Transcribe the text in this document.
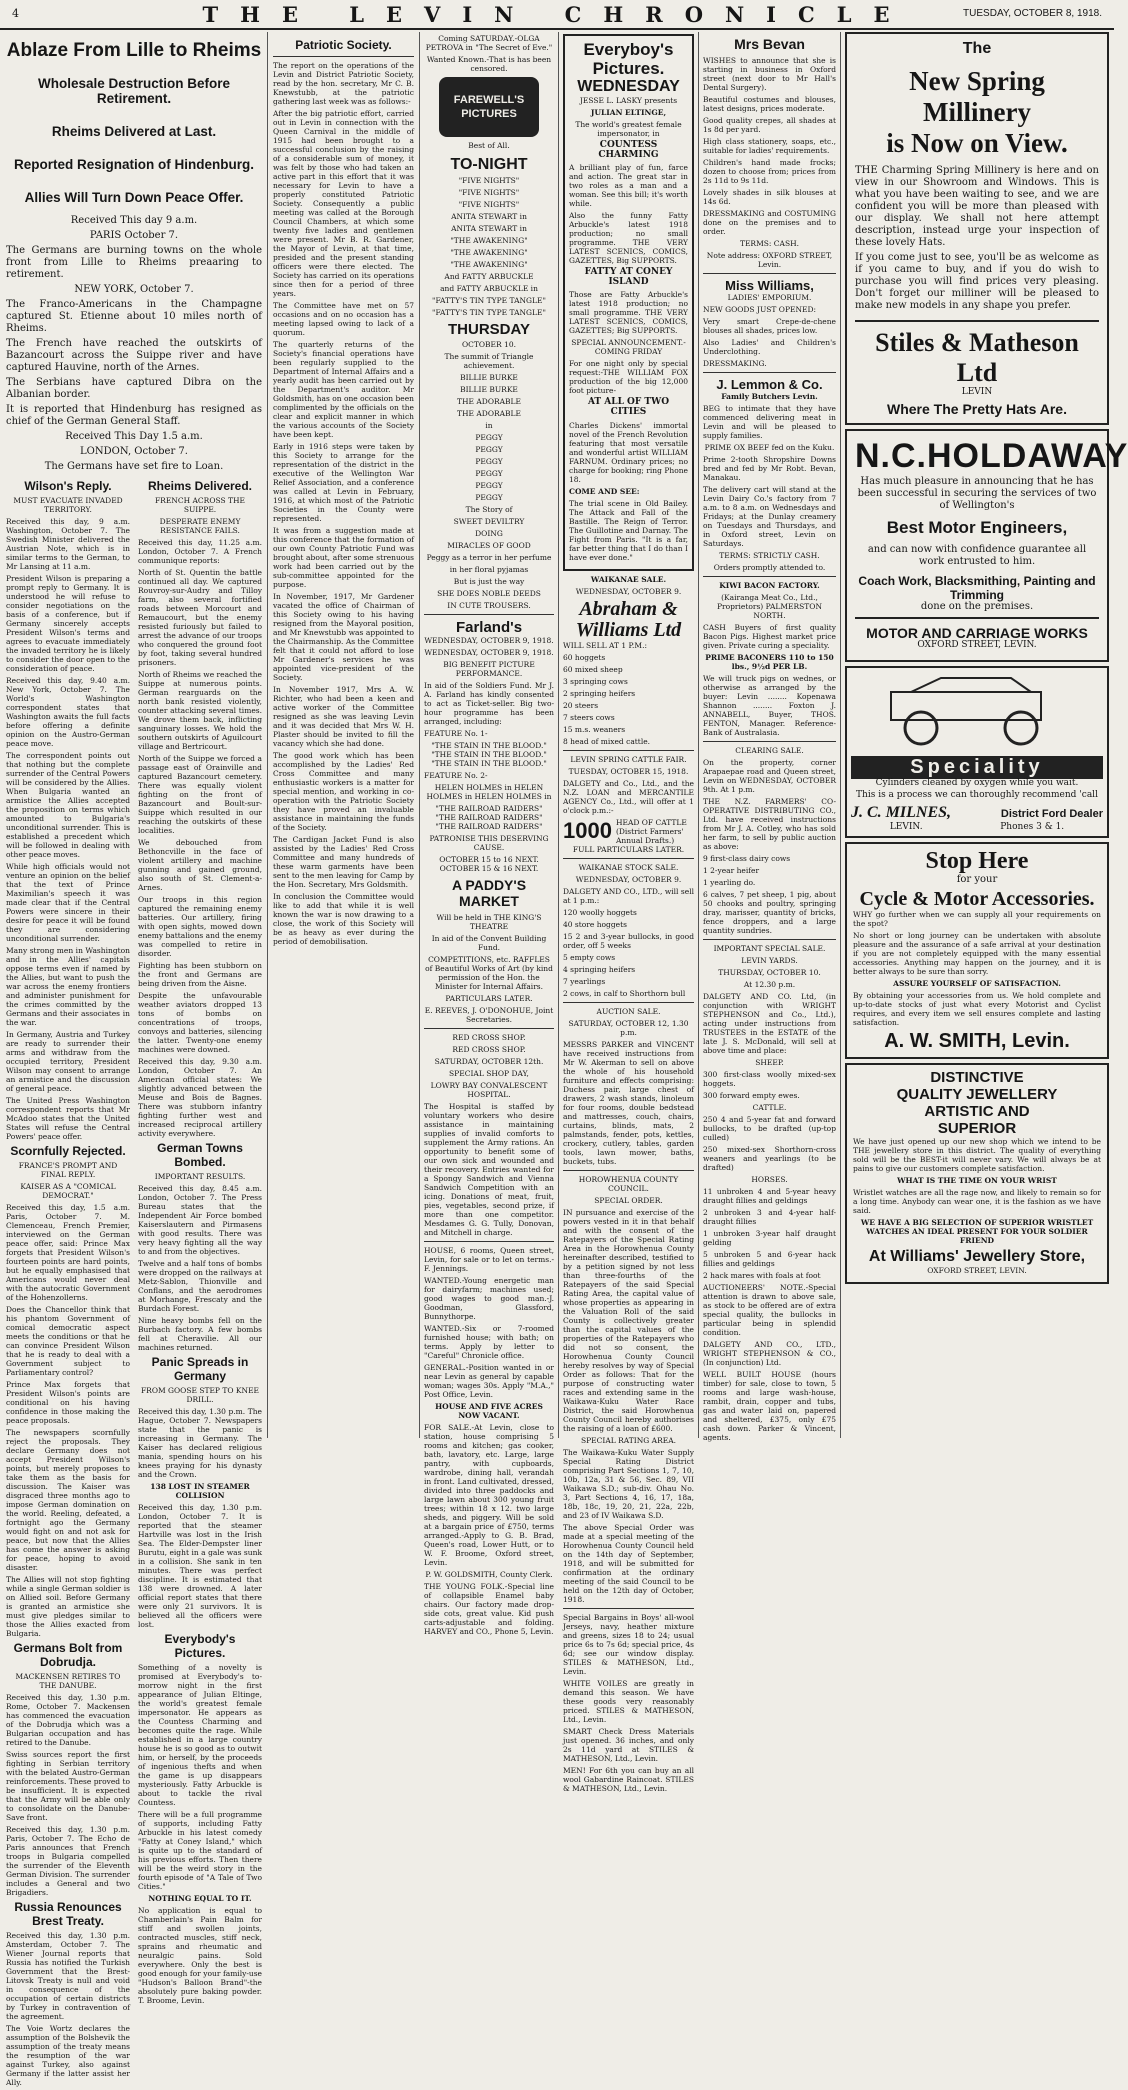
4	THE LEVIN CHRONICLE	TUESDAY, OCTOBER 8, 1918.
Ablaze From Lille to Rheims
Wholesale Destruction Before Retirement.
Rheims Delivered at Last.
Reported Resignation of Hindenburg.
Allies Will Turn Down Peace Offer.

Received This day 9 a.m.

PARIS October 7.

The Germans are burning towns on the whole front from Lille to Rheims preaaring to retirement.

NEW YORK, October 7.

The Franco-Americans in the Champagne captured St. Etienne about 10 miles north of Rheims.

The French have reached the outskirts of Bazancourt across the Suippe river and have captured Hauvine, north of the Arnes.

The Serbians have captured Dibra on the Albanian border.

It is reported that Hindenburg has resigned as chief of the German General Staff.

Received This Day 1.5 a.m.

LONDON, October 7.

The Germans have set fire to Loan.

Wilson's Reply.

MUST EVACUATE INVADED TERRITORY.

Received this day, 9 a.m. Washington, October 7. The Swedish Minister delivered the Austrian Note, which is in similar terms to the German, to Mr Lansing at 11 a.m.

President Wilson is preparing a prompt reply to Germany. It is understood he will refuse to consider negotiations on the basis of a conference, but if Germany sincerely accepts President Wilson's terms and agrees to evacuate immediately the invaded territory he is likely to consider the door open to the consideration of peace.

Received this day, 9.40 a.m. New York, October 7. The World's Washington correspondent states that Washington awaits the full facts before offering a definite opinion on the Austro-German peace move.

The correspondent points out that nothing but the complete surrender of the Central Powers will be considered by the Allies. When Bulgaria wanted an armistice the Allies accepted the proposition on terms which amounted to Bulgaria's unconditional surrender. This is established a precedent which will be followed in dealing with other peace moves.

While high officials would not venture an opinion on the belief that the text of Prince Maximilian's speech it was made clear that if the Central Powers were sincere in their desire for peace it will be found they are considering unconditional surrender.

Many strong men in Washington and in the Allies' capitals oppose terms even if named by the Allies, but want to push the war across the enemy frontiers and administer punishment for the crimes committed by the Germans and their associates in the war.

In Germany, Austria and Turkey are ready to surrender their arms and withdraw from the occupied territory, President Wilson may consent to arrange an armistice and the discussion of general peace.

The United Press Washington correspondent reports that Mr McAdoo states that the United States will refuse the Central Powers' peace offer.

Scornfully Rejected.

FRANCE'S PROMPT AND FINAL REPLY.

KAISER AS A "COMICAL DEMOCRAT."

Received this day, 1.5 a.m. Paris, October 7. M. Clemenceau, French Premier, interviewed on the German peace offer, said: Prince Max forgets that President Wilson's fourteen points are hard points, but he equally emphasised that Americans would never deal with the autocratic Government of the Hohenzollerns.

Does the Chancellor think that his phantom Government of comical democratic aspect meets the conditions or that he can convince President Wilson that he is ready to deal with a Government subject to Parliamentary control?

Prince Max forgets that President Wilson's points are conditional on his having confidence in those making the peace proposals.

The newspapers scornfully reject the proposals. They declare Germany does not accept President Wilson's points, but merely proposes to take them as the basis for discussion. The Kaiser was disgraced three months ago to impose German domination on the world. Reeling, defeated, a fortnight ago the Germany would fight on and not ask for peace, but now that the Allies has come the answer is asking for peace, hoping to avoid disaster.

The Allies will not stop fighting while a single German soldier is on Allied soil. Before Germany is granted an armistice she must give pledges similar to those the Allies exacted from Bulgaria.

Germans Bolt from Dobrudja.

MACKENSEN RETIRES TO THE DANUBE.

Received this day, 1.30 p.m. Rome, October 7. Mackensen has commenced the evacuation of the Dobrudja which was a Bulgarian occupation and has retired to the Danube.

Swiss sources report the first fighting in Serbian territory with the belated Austro-German reinforcements. These proved to be insufficient. It is expected that the Army will be able only to consolidate on the Danube-Save front.

Received this day, 1.30 p.m. Paris, October 7. The Echo de Paris announces that French troops in Bulgaria compelled the surrender of the Eleventh German Division. The surrender includes a General and two Brigadiers.

Russia Renounces Brest Treaty.

Received this day, 1.30 p.m. Amsterdam, October 7. The Wiener Journal reports that Russia has notified the Turkish Government that the Brest-Litovsk Treaty is null and void in consequence of the occupation of certain districts by Turkey in contravention of the agreement.

The Voie Wortz declares the assumption of the Bolshevik the assumption of the treaty means the resumption of the war against Turkey, also against Germany if the latter assist her Ally.

Rheims Delivered.

FRENCH ACROSS THE SUIPPE.

DESPERATE ENEMY RESISTANCE FAILS.

Received this day, 11.25 a.m. London, October 7. A French communique reports:

North of St. Quentin the battle continued all day. We captured Rouvroy-sur-Audry and Tilloy farm, also several fortified roads between Morcourt and Remaucourt, but the enemy resisted furiously but failed to arrest the advance of our troops who conquered the ground foot by foot, taking several hundred prisoners.

North of Rheims we reached the Suippe at numerous points. German rearguards on the north bank resisted violently, counter attacking several times. We drove them back, inflicting sanguinary losses. We hold the southern outskirts of Aguilcourt village and Bertricourt.

North of the Suippe we forced a passage east of Orainville and captured Bazancourt cemetery. There was equally violent fighting on the front of Bazancourt and Boult-sur-Suippe which resulted in our reaching the outskirts of these localities.

We debouched from Bethoncville in the face of violent artillery and machine gunning and gained ground, also south of St. Clement-a-Arnes.

Our troops in this region captured the remaining enemy batteries. Our artillery, firing with open sights, mowed down enemy battalions and the enemy was compelled to retire in disorder.

Fighting has been stubborn on the front and Germans are being driven from the Aisne.

Despite the unfavourable weather aviators dropped 13 tons of bombs on concentrations of troops, convoys and batteries, silencing the latter. Twenty-one enemy machines were downed.

Received this day, 9.30 a.m. London, October 7. An American official states: We slightly advanced between the Meuse and Bois de Bagnes. There was stubborn infantry fighting further west and increased reciprocal artillery activity everywhere.

German Towns Bombed.

IMPORTANT RESULTS.

Received this day, 8.45 a.m. London, October 7. The Press Bureau states that the Independent Air Force bombed Kaiserslautern and Pirmasens with good results. There was very heavy fighting all the way to and from the objectives.

Twelve and a half tons of bombs were dropped on the railways at Metz-Sablon, Thionville and Conflans, and the aerodromes at Morhange, Frescaty and the Burdach Forest.

Nine heavy bombs fell on the Burbach factory. A few bombs fell at Cheravilie. All our machines returned.

Panic Spreads in Germany

FROM GOOSE STEP TO KNEE DRILL.

Received this day, 1.30 p.m. The Hague, October 7. Newspapers state that the panic is increasing in Germany. The Kaiser has declared religious mania, spending hours on his knees praying for his dynasty and the Crown.

138 LOST IN STEAMER COLLISION

Received this day, 1.30 p.m. London, October 7. It is reported that the steamer Hartville was lost in the Irish Sea. The Elder-Dempster liner Burutu, eight in a gale was sunk in a collision. She sank in ten minutes. There was perfect discipline. It is estimated that 138 were drowned. A later official report states that there were only 21 survivors. It is believed all the officers were lost.

Everybody's Pictures.

Something of a novelty is promised at Everybody's to-morrow night in the first appearance of Julian Eltinge, the world's greatest female impersonator. He appears as the Countess Charming and becomes quite the rage. While established in a large country house he is so good as to outwit him, or herself, by the proceeds of ingenious thefts and when the game is up disappears mysteriously. Fatty Arbuckle is about to tackle the rival Countess.

There will be a full programme of supports, including Fatty Arbuckle in his latest comedy "Fatty at Coney Island," which is quite up to the standard of his previous efforts. Then there will be the weird story in the fourth episode of "A Tale of Two Cities."

NOTHING EQUAL TO IT.

No application is equal to Chamberlain's Pain Balm for stiff and swollen joints, contracted muscles, stiff neck, sprains and rheumatic and neuralgic pains. Sold everywhere. Only the best is good enough for your family-use "Hudson's Balloon Brand"-the absolutely pure baking powder. T. Broome, Levin.

Patriotic Society.

The report on the operations of the Levin and District Patriotic Society, read by the hon. secretary, Mr C. B. Knewstubb, at the patriotic gathering last week was as follows:-

After the big patriotic effort, carried out in Levin in connection with the Queen Carnival in the middle of 1915 had been brought to a successful conclusion by the raising of a considerable sum of money, it was felt by those who had taken an active part in this effort that it was necessary for Levin to have a properly constituted Patriotic Society. Consequently a public meeting was called at the Borough Council Chambers, at which some twenty five ladies and gentlemen were present. Mr B. R. Gardener, the Mayor of Levin, at that time, presided and the present standing officers were there elected. The Society has carried on its operations since then for a period of three years.

The Committee have met on 57 occasions and on no occasion has a meeting lapsed owing to lack of a quorum.

The quarterly returns of the Society's financial operations have been regularly supplied to the Department of Internal Affairs and a yearly audit has been carried out by the Department's auditor. Mr Goldsmith, has on one occasion been complimented by the officials on the clear and explicit manner in which the various accounts of the Society have been kept.

Early in 1916 steps were taken by this Society to arrange for the representation of the district in the executive of the Wellington War Relief Association, and a conference was called at Levin in February, 1916, at which most of the Patriotic Societies in the County were represented.

It was from a suggestion made at this conference that the formation of our own County Patriotic Fund was brought about, after some strenuous work had been carried out by the sub-committee appointed for the purpose.

In November, 1917, Mr Gardener vacated the office of Chairman of this Society owing to his having resigned from the Mayoral position, and Mr Knewstubb was appointed to the Chairmanship. As the Committee felt that it could not afford to lose Mr Gardener's services he was appointed vice-president of the Society.

In November 1917, Mrs A. W. Richter, who had been a keen and active worker of the Committee resigned as she was leaving Levin and it was decided that Mrs W. H. Plaster should be invited to fill the vacancy which she had done.

The good work which has been accomplished by the Ladies' Red Cross Committee and many enthusiastic workers is a matter for special mention, and working in co-operation with the Patriotic Society they have proved an invaluable assistance in maintaining the funds of the Society.

The Cardigan Jacket Fund is also assisted by the Ladies' Red Cross Committee and many hundreds of these warm garments have been sent to the men leaving for Camp by the Hon. Secretary, Mrs Goldsmith.

In conclusion the Committee would like to add that while it is well known the war is now drawing to a close, the work of this Society will be as heavy as ever during the period of demobilisation.

Coming SATURDAY.-OLGA PETROVA in "The Secret of Eve."

Wanted Known.-That is has been censored.

FAREWELL'S PICTURES

Best of All.

TO-NIGHT

"FIVE NIGHTS"

"FIVE NIGHTS"

"FIVE NIGHTS"

ANITA STEWART in

ANITA STEWART in

"THE AWAKENING"

"THE AWAKENING"

"THE AWAKENING"

And FATTY ARBUCKLE

and FATTY ARBUCKLE in

"FATTY'S TIN TYPE TANGLE"

"FATTY'S TIN TYPE TANGLE"

THURSDAY

OCTOBER 10.

The summit of Triangle achievement.

BILLIE BURKE

BILLIE BURKE

THE ADORABLE

THE ADORABLE

in

PEGGY

PEGGY

PEGGY

PEGGY

PEGGY

PEGGY

The Story of

SWEET DEVILTRY

DOING

MIRACLES OF GOOD

Peggy as a terror in her perfume

in her floral pyjamas

But is just the way

SHE DOES NOBLE DEEDS

IN CUTE TROUSERS.

Farland's

WEDNESDAY, OCTOBER 9, 1918.

WEDNESDAY, OCTOBER 9, 1918.

BIG BENEFIT PICTURE PERFORMANCE.

In aid of the Soldiers Fund. Mr J. A. Farland has kindly consented to act as Ticket-seller. Big two-hour programme has been arranged, including:

FEATURE No. 1-

"THE STAIN IN THE BLOOD." "THE STAIN IN THE BLOOD." "THE STAIN IN THE BLOOD."

FEATURE No. 2-

HELEN HOLMES in HELEN HOLMES in HELEN HOLMES in

"THE RAILROAD RAIDERS" "THE RAILROAD RAIDERS" "THE RAILROAD RAIDERS"

PATRONISE THIS DESERVING CAUSE.

OCTOBER 15 to 16 NEXT. OCTOBER 15 & 16 NEXT.

A PADDY'S MARKET

Will be held in THE KING'S THEATRE

In aid of the Convent Building Fund.

COMPETITIONS, etc. RAFFLES of Beautiful Works of Art (by kind permission of the Hon. the Minister for Internal Affairs.

PARTICULARS LATER.

E. REEVES, J. O'DONOHUE, Joint Secretaries.

RED CROSS SHOP.

RED CROSS SHOP.

SATURDAY, OCTOBER 12th.

SPECIAL SHOP DAY,

LOWRY BAY CONVALESCENT HOSPITAL.

The Hospital is staffed by voluntary workers who desire assistance in maintaining supplies of invalid comforts to supplement the Army rations. An opportunity to benefit some of our own sick and wounded and their recovery. Entries wanted for a Spongy Sandwich and Vienna Sandwich Competition with an icing. Donations of meat, fruit, pies, vegetables, second prize, if more than one competitor. Mesdames G. G. Tully, Donovan, and Mitchell in charge.

HOUSE, 6 rooms, Queen street, Levin, for sale or to let on terms.-F. Jennings.

WANTED.-Young energetic man for dairyfarm; machines used; good wages to good man.-J. Goodman, Glassford, Bunnythorpe.

WANTED.-Six or 7-roomed furnished house; with bath; on terms. Apply by letter to "Careful" Chronicle office.

GENERAL.-Position wanted in or near Levin as general by capable woman; wages 30s. Apply "M.A.," Post Office, Levin.

HOUSE AND FIVE ACRES NOW VACANT.

FOR SALE.-At Levin, close to station, house comprising 5 rooms and kitchen; gas cooker, bath, lavatory, etc. Large, large pantry, with cupboards, wardrobe, dining hall, verandah in front. Land cultivated, dressed, divided into three paddocks and large lawn about 300 young fruit trees; within 18 x 12. two large sheds, and piggery. Will be sold at a bargain price of £750, terms arranged.-Apply to G. B. Brad, Queen's road, Lower Hutt, or to W. F. Broome, Oxford street, Levin.

P. W. GOLDSMITH, County Clerk.

THE YOUNG FOLK.-Special line of collapsible Enamel baby chairs. Our factory made drop-side cots, great value. Kid push carts-adjustable and folding. HARVEY and CO., Phone 5, Levin.

Everyboy's
Pictures.
WEDNESDAY

JESSE L. LASKY presents

JULIAN ELTINGE,

The world's greatest female impersonator, in

COUNTESS CHARMING

A brilliant play of fun, farce and action. The great star in two roles as a man and a woman. See this bill; it's worth while.

Also the funny Fatty Arbuckle's latest 1918 production; no small programme. THE VERY LATEST SCENICS, COMICS, GAZETTES, Big SUPPORTS.

FATTY AT CONEY ISLAND

Those are Fatty Arbuckle's latest 1918 production; no small programme. THE VERY LATEST SCENICS, COMICS, GAZETTES; Big SUPPORTS.

SPECIAL ANNOUNCEMENT.- COMING FRIDAY

For one night only by special request:-THE WILLIAM FOX production of the big 12,000 foot picture-

AT ALL OF TWO CITIES

Charles Dickens' immortal novel of the French Revolution featuring that most versatile and wonderful artist WILLIAM FARNUM. Ordinary prices; no charge for booking; ring Phone 18.

COME AND SEE:

The trial scene in Old Bailey. The Attack and Fall of the Bastille. The Reign of Terror. The Guillotine and Darnay. The Fight from Paris. "It is a far, far better thing that I do than I have ever done."

WAIKANAE SALE.

WEDNESDAY, OCTOBER 9.

Abraham &
Williams Ltd

WILL SELL AT 1 P.M.:

60 hoggets

60 mixed sheep

3 springing cows

2 springing heifers

20 steers

7 steers cows

15 m.s. weaners

8 head of mixed cattle.

LEVIN SPRING CATTLE FAIR.

TUESDAY, OCTOBER 15, 1918.

DALGETY and Co., Ltd., and the N.Z. LOAN and MERCANTILE AGENCY Co., Ltd., will offer at 1 o'clock p.m.:-

1000 HEAD OF CATTLE (District Farmers' Annual Drafts.)

FULL PARTICULARS LATER.

WAIKANAE STOCK SALE.

WEDNESDAY, OCTOBER 9.

DALGETY AND CO., LTD., will sell at 1 p.m.:

120 woolly hoggets

40 store hoggets

15 2 and 3-year bullocks, in good order, off 5 weeks

5 empty cows

4 springing heifers

7 yearlings

2 cows, in calf to Shorthorn bull

AUCTION SALE.

SATURDAY, OCTOBER 12, 1.30 p.m.

MESSRS PARKER and VINCENT have received instructions from Mr W. Akerman to sell on above the whole of his household furniture and effects comprising: Duchess pair, large chest of drawers, 2 wash stands, linoleum for four rooms, double bedstead and mattresses, couch, chairs, curtains, blinds, mats, 2 palmstands, fender, pots, kettles, crockery, cutlery, tables, garden tools, lawn mower, baths, buckets, tubs.

HOROWHENUA COUNTY COUNCIL.

SPECIAL ORDER.

IN pursuance and exercise of the powers vested in it in that behalf and with the consent of the Ratepayers of the Special Rating Area in the Horowhenua County hereinafter described, testified to by a petition signed by not less than three-fourths of the Ratepayers of the said Special Rating Area, the capital value of whose properties as appearing in the Valuation Roll of the said County is collectively greater than the capital values of the properties of the Ratepayers who did not so consent, the Horowhenua County Council hereby resolves by way of Special Order as follows: That for the purpose of constructing water races and extending same in the Waikawa-Kuku Water Race District, the said Horowhenua County Council hereby authorises the raising of a loan of £600.

SPECIAL RATING AREA.

The Waikawa-Kuku Water Supply Special Rating District comprising Part Sections 1, 7, 10, 10b, 12a, 31 & 56, Sec. 89, VII Waikawa S.D.; sub-div. Ohau No. 3, Part Sections 4, 16, 17, 18a, 18b, 18c, 19, 20, 21, 22a, 22b, and 23 of IV Waikawa S.D.

The above Special Order was made at a special meeting of the Horowhenua County Council held on the 14th day of September, 1918, and will be submitted for confirmation at the ordinary meeting of the said Council to be held on the 12th day of October, 1918.

Special Bargains in Boys' all-wool Jerseys, navy, heather mixture and greens, sizes 18 to 24; usual price 6s to 7s 6d; special price, 4s 6d; see our window display. STILES & MATHESON, Ltd., Levin.

WHITE VOILES are greatly in demand this season. We have these goods very reasonably priced. STILES & MATHESON, Ltd., Levin.

SMART Check Dress Materials just opened. 36 inches, and only 2s 11d yard at STILES & MATHESON, Ltd., Levin.

MEN! For 6th you can buy an all wool Gabardine Raincoat. STILES & MATHESON, Ltd., Levin.

Mrs Bevan

WISHES to announce that she is starting in business in Oxford street (next door to Mr Hall's Dental Surgery).

Beautiful costumes and blouses, latest designs, prices moderate.

Good quality crepes, all shades at 1s 8d per yard.

High class stationery, soaps, etc., suitable for ladies' requirements.

Children's hand made frocks; dozen to choose from; prices from 2s 11d to 9s 11d.

Lovely shades in silk blouses at 14s 6d.

DRESSMAKING and COSTUMING done on the premises and to order.

TERMS: CASH.

Note address: OXFORD STREET, Levin.

Miss Williams,

LADIES' EMPORIUM.

NEW GOODS JUST OPENED:

Very smart Crepe-de-chene blouses all shades, prices low.

Also Ladies' and Children's Underclothing.

DRESSMAKING.

J. Lemmon & Co.

Family Butchers Levin.

BEG to intimate that they have commenced delivering meat in Levin and will be pleased to supply families.

PRIME OX BEEF fed on the Kuku.

Prime 2-tooth Shropshire Downs bred and fed by Mr Robt. Bevan, Manakau.

The delivery cart will stand at the Levin Dairy Co.'s factory from 7 a.m. to 8 a.m. on Wednesdays and Fridays; at the Dunlay creamery on Tuesdays and Thursdays, and in Oxford street, Levin on Saturdays.

TERMS: STRICTLY CASH.

Orders promptly attended to.

KIWI BACON FACTORY.

(Kairanga Meat Co., Ltd., Proprietors) PALMERSTON NORTH.

CASH Buyers of first quality Bacon Pigs. Highest market price given. Private curing a speciality.

PRIME BACONERS 110 to 150 lbs., 9½d PER LB.

We will truck pigs on wednes, or otherwise as arranged by the buyer: Levin ........ Kopenawa Shannon ........ Foxton J. ANNABELL, Buyer, THOS. FENTON, Manager. Reference-Bank of Australasia.

CLEARING SALE.

On the property, corner Arapaepae road and Queen street, Levin on WEDNESDAY, OCTOBER 9th. At 1 p.m.

THE N.Z. FARMERS' CO-OPERATIVE DISTRIBUTING CO., Ltd. have received instructions from Mr J. A. Cotley, who has sold her farm, to sell by public auction as above:

9 first-class dairy cows

1 2-year heifer

1 yearling do.

6 calves, 7 pet sheep, 1 pig, about 50 chooks and poultry, springing dray, marisser, quantity of bricks, fence droppers, and a large quantity sundries.

IMPORTANT SPECIAL SALE.

LEVIN YARDS.

THURSDAY, OCTOBER 10.

At 12.30 p.m.

DALGETY AND CO. Ltd, (in conjunction with WRIGHT STEPHENSON and Co., Ltd.), acting under instructions from TRUSTEES in the ESTATE of the late J. S. McDonald, will sell at above time and place:

SHEEP.

300 first-class woolly mixed-sex hoggets.

300 forward empty ewes.

CATTLE.

250 4 and 5-year fat and forward bullocks, to be drafted (up-top culled)

250 mixed-sex Shorthorn-cross weaners and yearlings (to be drafted)

HORSES.

11 unbroken 4 and 5-year heavy draught fillies and geldings

2 unbroken 3 and 4-year half-draught fillies

1 unbroken 3-year half draught gelding

5 unbroken 5 and 6-year hack fillies and geldings

2 hack mares with foals at foot

AUCTIONEERS' NOTE.-Special attention is drawn to above sale, as stock to be offered are of extra special quality, the bullocks in particular being in splendid condition.

DALGETY AND CO., LTD., WRIGHT STEPHENSON & CO., (In conjunction) Ltd.

WELL BUILT HOUSE (hours timber) for sale, close to town, 5 rooms and large wash-house, rambit, drain, copper and tubs, gas and water laid on, papered and sheltered, £375, only £75 cash down. Parker & Vincent, agents.

The
New Spring Millinery
is Now on View.

THE Charming Spring Millinery is here and on view in our Showroom and Windows. This is what you have been waiting to see, and we are confident you will be more than pleased with our display. We shall not here attempt description, instead urge your inspection of these lovely Hats.

If you come just to see, you'll be as welcome as if you came to buy, and if you do wish to purchase you will find prices very pleasing. Don't forget our milliner will be pleased to make new models in any shape you prefer.

Stiles & Matheson Ltd

LEVIN

Where The Pretty Hats Are.
N.C.HOLDAWAY

Has much pleasure in announcing that he has been successful in securing the services of two of Wellington's

Best Motor Engineers,

and can now with confidence guarantee all work entrusted to him.

Coach Work, Blacksmithing, Painting and Trimming

done on the premises.

MOTOR AND CARRIAGE WORKS

OXFORD STREET, LEVIN.

Speciality

Cylinders cleaned by oxygen while you wait.

This is a process we can thoroughly recommend 'call

J. C. MILNES,	District Ford Dealer
LEVIN.	Phones 3 & 1.
Stop Here

for your

Cycle & Motor Accessories.

WHY go further when we can supply all your requirements on the spot?

No short or long journey can be undertaken with absolute pleasure and the assurance of a safe arrival at your destination if you are not completely equipped with the many essential accessories. Anything may happen on the journey, and it is better always to be sure than sorry.

ASSURE YOURSELF OF SATISFACTION.

By obtaining your accessories from us. We hold complete and up-to-date stocks of just what every Motorist and Cyclist requires, and every item we sell ensures complete and lasting satisfaction.

A. W. SMITH, Levin.
DISTINCTIVE
QUALITY JEWELLERY
ARTISTIC AND
SUPERIOR

We have just opened up our new shop which we intend to be THE jewellery store in this district. The quality of everything sold will be the BEST-it will never vary. We will always be at pains to give our customers complete satisfaction.

WHAT IS THE TIME ON YOUR WRIST

Wristlet watches are all the rage now, and likely to remain so for a long time. Anybody can wear one, it is the fashion as we have said.

WE HAVE A BIG SELECTION OF SUPERIOR WRISTLET WATCHES AN IDEAL PRESENT FOR YOUR SOLDIER FRIEND

At Williams' Jewellery Store,

OXFORD STREET, LEVIN.
